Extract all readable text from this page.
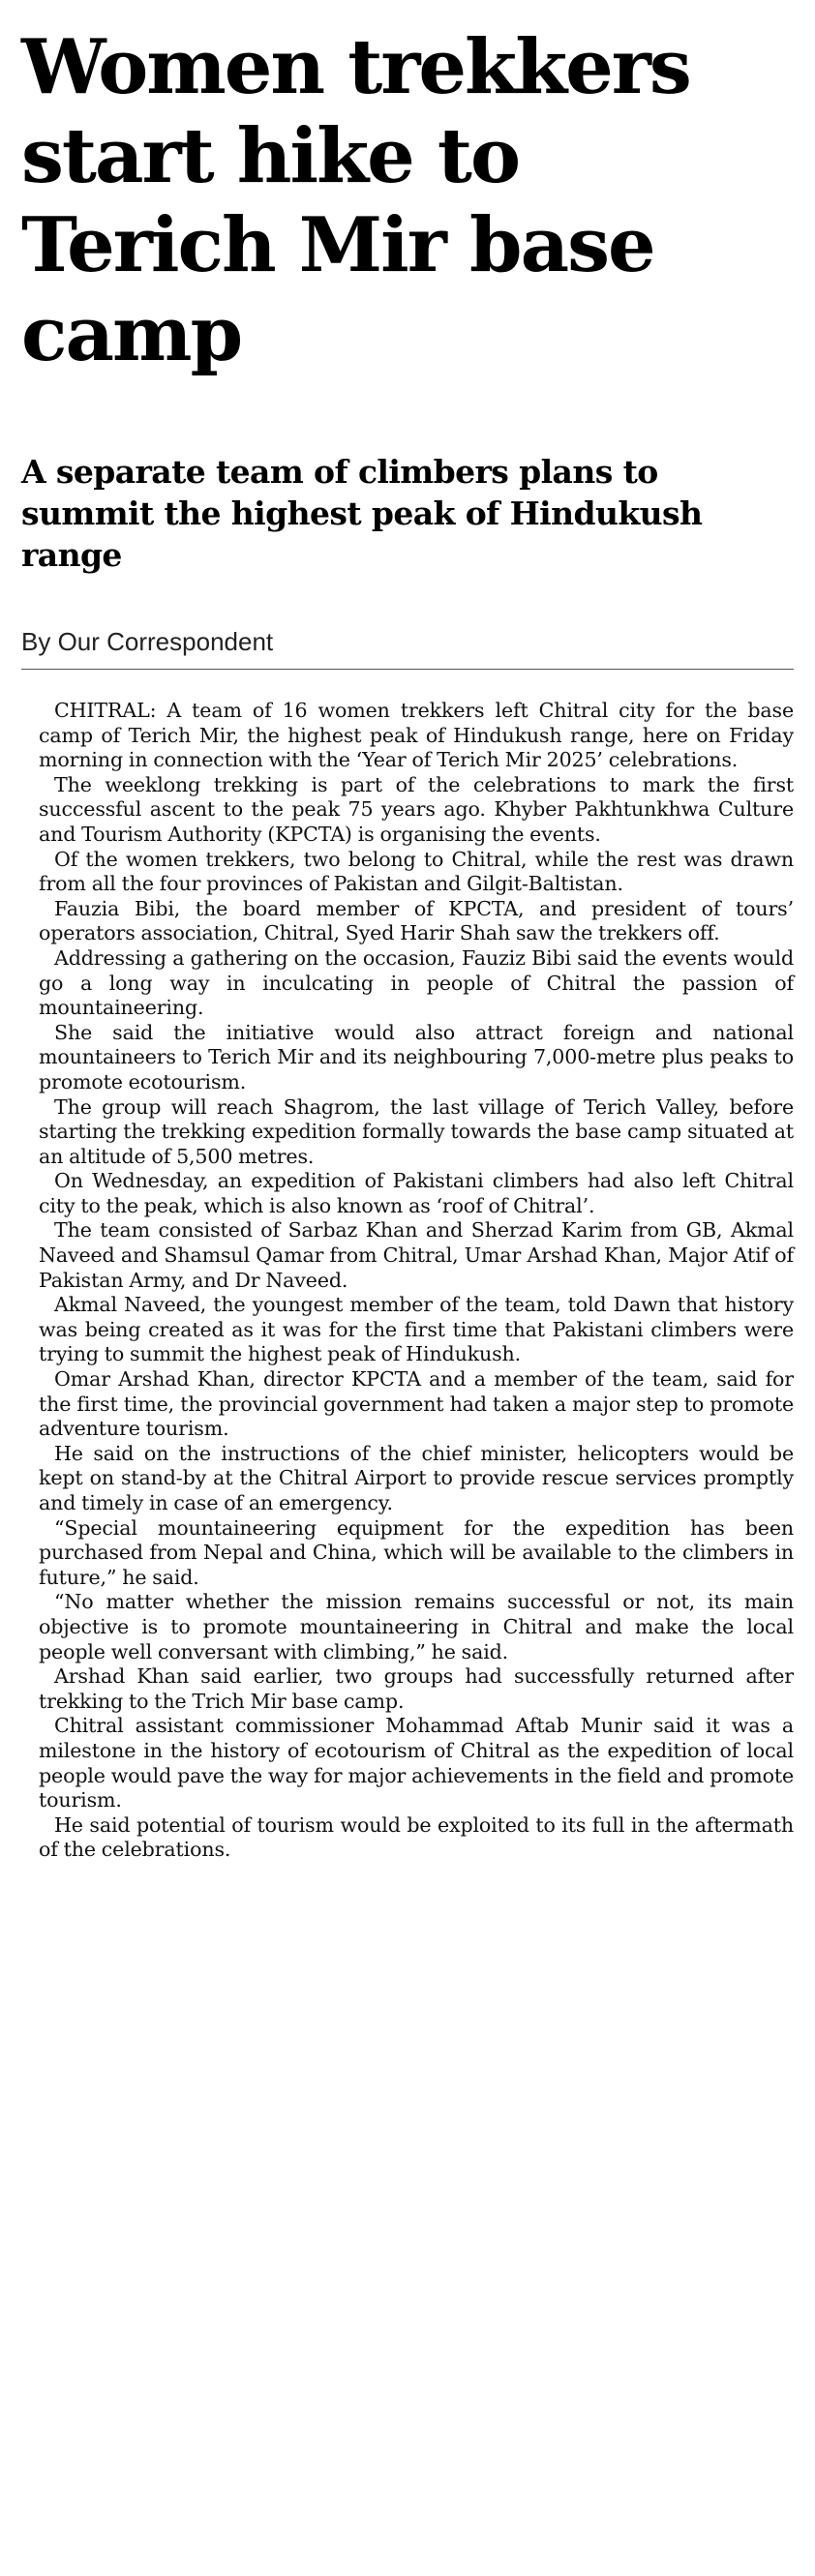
Women trekkers start hike to Terich Mir base camp
A separate team of climbers plans to summit the highest peak of Hindukush range
By Our Correspondent

CHITRAL: A team of 16 women trekkers left Chitral city for the base camp of Terich Mir, the highest peak of Hindukush range, here on Friday morning in connection with the ‘Year of Terich Mir 2025’ celebrations.

The weeklong trekking is part of the celebrations to mark the first successful ascent to the peak 75 years ago. Khyber Pakhtunkhwa Culture and Tourism Authority (KPCTA) is organising the events.

Of the women trekkers, two belong to Chitral, while the rest was drawn from all the four provinces of Pakistan and Gilgit-Baltistan.

Fauzia Bibi, the board member of KPCTA, and president of tours’ operators association, Chitral, Syed Harir Shah saw the trekkers off.

Addressing a gathering on the occasion, Fauziz Bibi said the events would go a long way in inculcating in people of Chitral the passion of mountaineering.

She said the initiative would also attract foreign and national mountaineers to Terich Mir and its neighbouring 7,000-metre plus peaks to promote ecotourism.

The group will reach Shagrom, the last village of Terich Valley, before starting the trekking expedition formally towards the base camp situated at an altitude of 5,500 metres.

On Wednesday, an expedition of Pakistani climbers had also left Chitral city to the peak, which is also known as ‘roof of Chitral’.

The team consisted of Sarbaz Khan and Sherzad Karim from GB, Akmal Naveed and Shamsul Qamar from Chitral, Umar Arshad Khan, Major Atif of Pakistan Army, and Dr Naveed.

Akmal Naveed, the youngest member of the team, told Dawn that history was being created as it was for the first time that Pakistani climbers were trying to summit the highest peak of Hindukush.

Omar Arshad Khan, director KPCTA and a member of the team, said for the first time, the provincial government had taken a major step to promote adventure tourism.

He said on the instructions of the chief minister, helicopters would be kept on stand-by at the Chitral Airport to provide rescue services promptly and timely in case of an emergency.

“Special mountaineering equipment for the expedition has been purchased from Nepal and China, which will be available to the climbers in future,” he said.

“No matter whether the mission remains successful or not, its main objective is to promote mountaineering in Chitral and make the local people well conversant with climbing,” he said.

Arshad Khan said earlier, two groups had successfully returned after trekking to the Trich Mir base camp.

Chitral assistant commissioner Mohammad Aftab Munir said it was a milestone in the history of ecotourism of Chitral as the expedition of local people would pave the way for major achievements in the field and promote tourism.

He said potential of tourism would be exploited to its full in the aftermath of the celebrations.
